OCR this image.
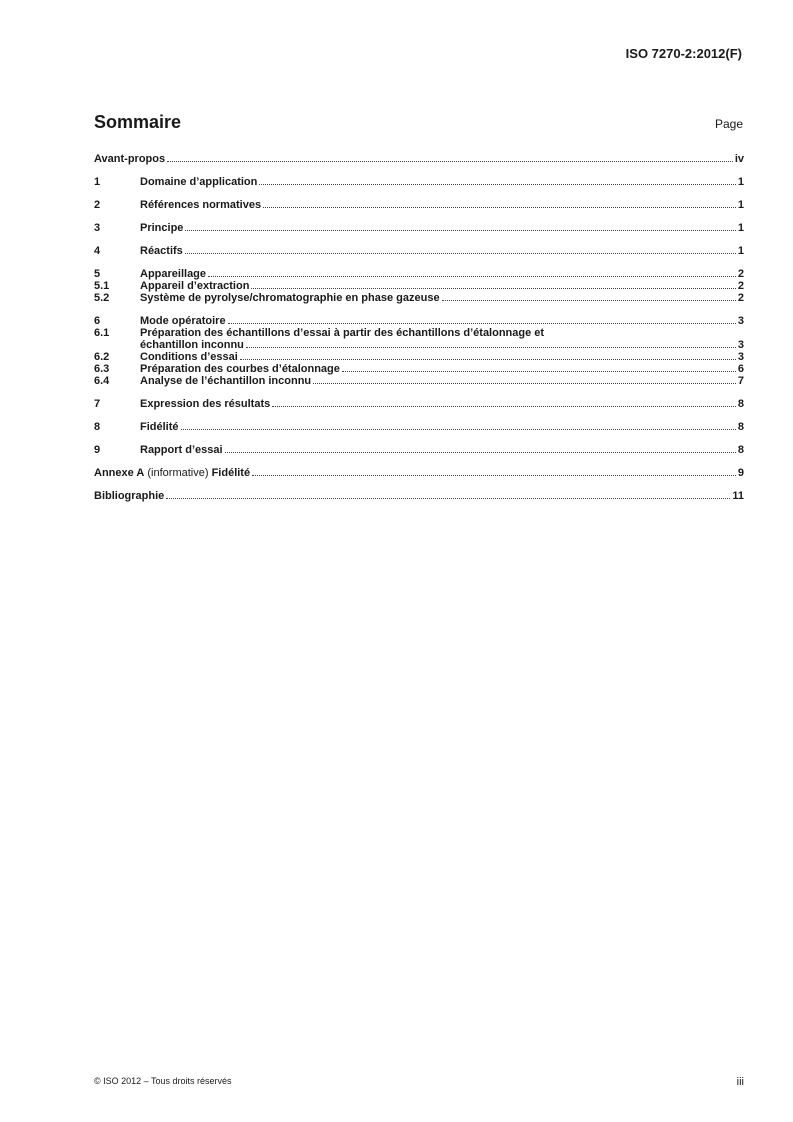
ISO 7270-2:2012(F)
Sommaire	Page
Avant-propos	iv
1	Domaine d’application	1
2	Références normatives	1
3	Principe	1
4	Réactifs	1
5	Appareillage	2
5.1	Appareil d’extraction	2
5.2	Système de pyrolyse/chromatographie en phase gazeuse	2
6	Mode opératoire	3
6.1	Préparation des échantillons d’essai à partir des échantillons d’étalonnage et
échantillon inconnu	3
6.2	Conditions d’essai	3
6.3	Préparation des courbes d’étalonnage	6
6.4	Analyse de l’échantillon inconnu	7
7	Expression des résultats	8
8	Fidélité	8
9	Rapport d’essai	8
Annexe A (informative) Fidélité	9
Bibliographie	11
© ISO 2012 – Tous droits réservés	iii
